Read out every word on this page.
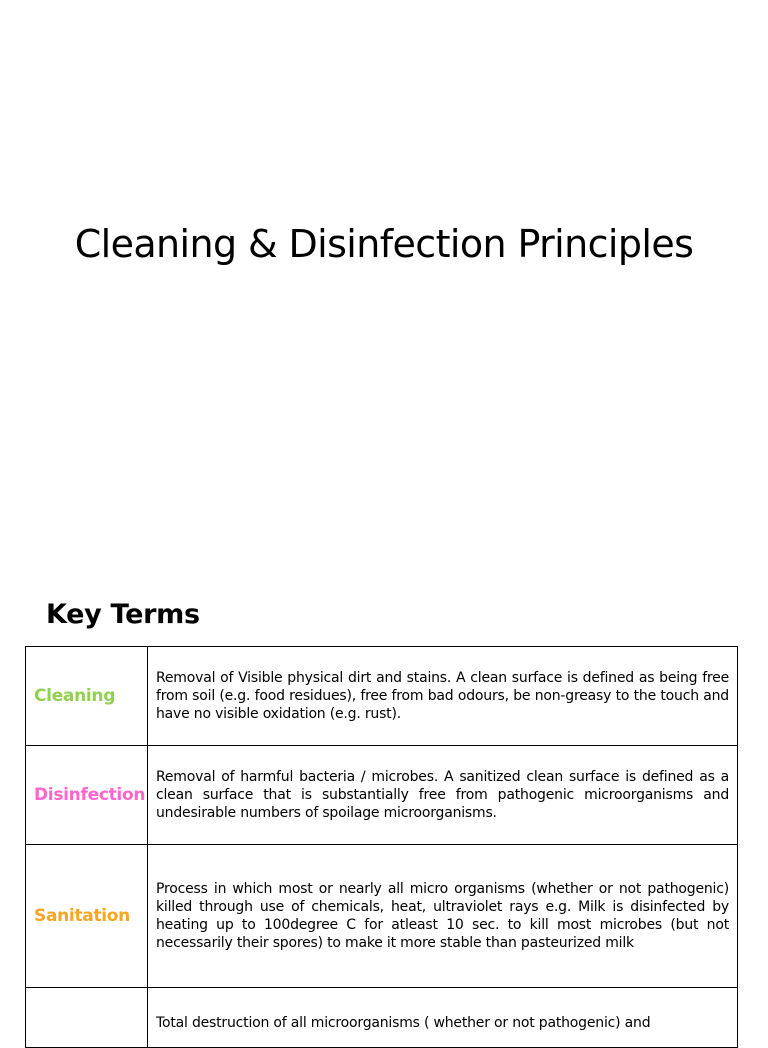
Cleaning & Disinfection Principles
Key Terms
Cleaning	Removal of Visible physical dirt and stains. A clean surface is defined as being free from soil (e.g. food residues), free from bad odours, be non-greasy to the touch and have no visible oxidation (e.g. rust).
Disinfection	Removal of harmful bacteria / microbes. A sanitized clean surface is defined as a clean surface that is substantially free from pathogenic microorganisms and undesirable numbers of spoilage microorganisms.
Sanitation	Process in which most or nearly all micro organisms (whether or not pathogenic) killed through use of chemicals, heat, ultraviolet rays e.g. Milk is disinfected by heating up to 100degree C for atleast 10 sec. to kill most microbes (but not necessarily their spores) to make it more stable than pasteurized milk
	Total destruction of all microorganisms ( whether or not pathogenic) and
